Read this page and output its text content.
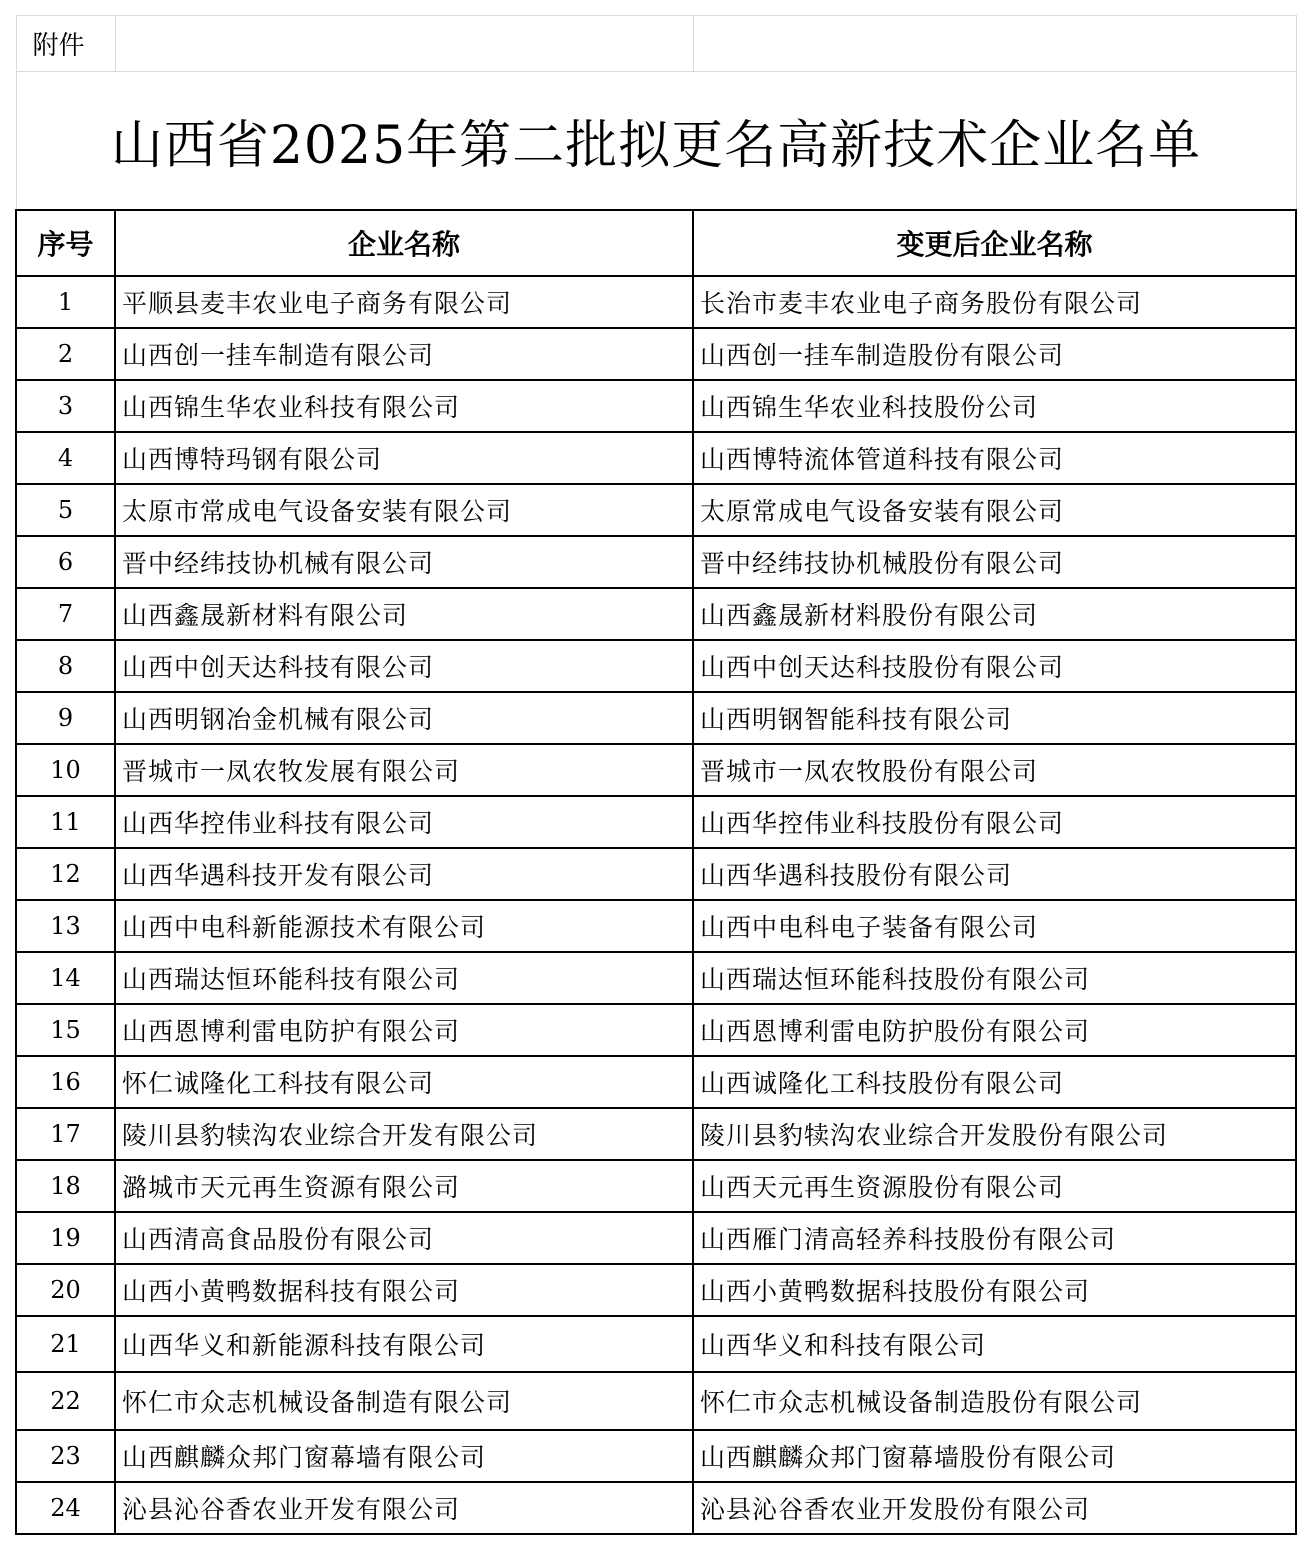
附件		
山西省2025年第二批拟更名高新技术企业名单		
序号	企业名称	变更后企业名称
1	平顺县麦丰农业电子商务有限公司	长治市麦丰农业电子商务股份有限公司
2	山西创一挂车制造有限公司	山西创一挂车制造股份有限公司
3	山西锦生华农业科技有限公司	山西锦生华农业科技股份公司
4	山西博特玛钢有限公司	山西博特流体管道科技有限公司
5	太原市常成电气设备安装有限公司	太原常成电气设备安装有限公司
6	晋中经纬技协机械有限公司	晋中经纬技协机械股份有限公司
7	山西鑫晟新材料有限公司	山西鑫晟新材料股份有限公司
8	山西中创天达科技有限公司	山西中创天达科技股份有限公司
9	山西明钢冶金机械有限公司	山西明钢智能科技有限公司
10	晋城市一凤农牧发展有限公司	晋城市一凤农牧股份有限公司
11	山西华控伟业科技有限公司	山西华控伟业科技股份有限公司
12	山西华遇科技开发有限公司	山西华遇科技股份有限公司
13	山西中电科新能源技术有限公司	山西中电科电子装备有限公司
14	山西瑞达恒环能科技有限公司	山西瑞达恒环能科技股份有限公司
15	山西恩博利雷电防护有限公司	山西恩博利雷电防护股份有限公司
16	怀仁诚隆化工科技有限公司	山西诚隆化工科技股份有限公司
17	陵川县豹犊沟农业综合开发有限公司	陵川县豹犊沟农业综合开发股份有限公司
18	潞城市天元再生资源有限公司	山西天元再生资源股份有限公司
19	山西清高食品股份有限公司	山西雁门清高轻养科技股份有限公司
20	山西小黄鸭数据科技有限公司	山西小黄鸭数据科技股份有限公司
21	山西华义和新能源科技有限公司	山西华义和科技有限公司
22	怀仁市众志机械设备制造有限公司	怀仁市众志机械设备制造股份有限公司
23	山西麒麟众邦门窗幕墙有限公司	山西麒麟众邦门窗幕墙股份有限公司
24	沁县沁谷香农业开发有限公司	沁县沁谷香农业开发股份有限公司
